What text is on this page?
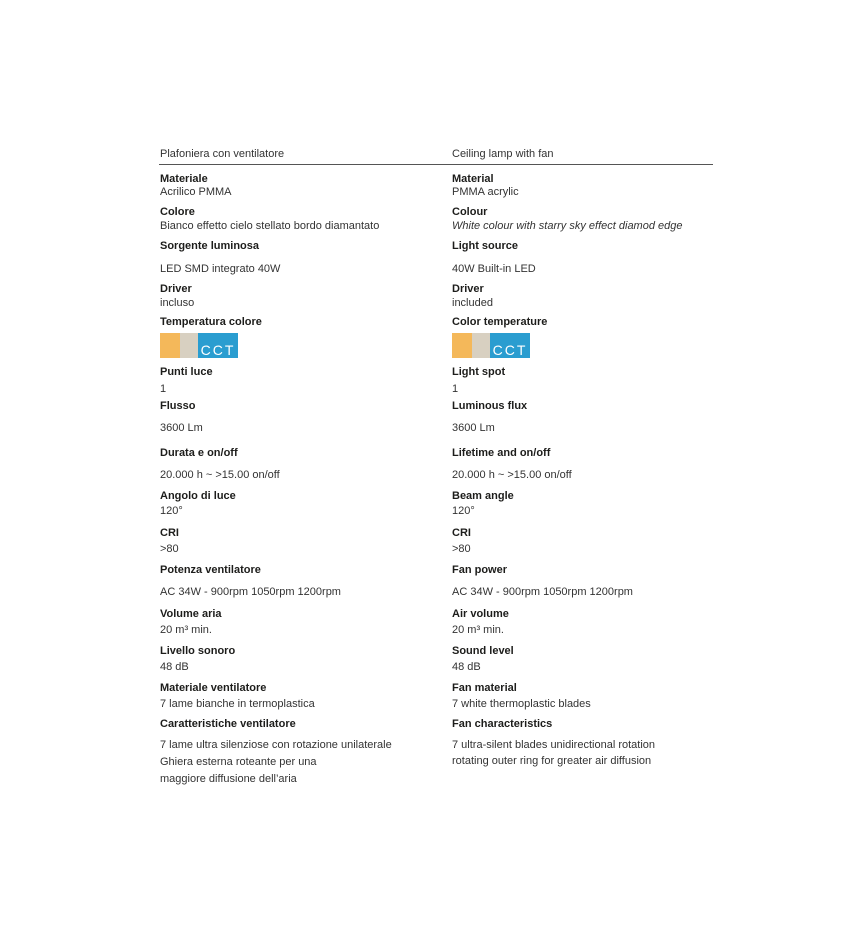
Plafoniera con ventilatore	Ceiling lamp with fan
Materiale
Acrilico PMMA
Colore
Bianco effetto cielo stellato bordo diamantato
Sorgente luminosa
LED SMD integrato 40W
Driver
incluso
Temperatura colore
CCT
Punti luce
1
Flusso
3600 Lm
Durata e on/off
20.000 h ~ >15.00 on/off
Angolo di luce
120°
CRI
>80
Potenza ventilatore
AC 34W - 900rpm 1050rpm 1200rpm
Volume aria
20 m³ min.
Livello sonoro
48 dB
Materiale ventilatore
7 lame bianche in termoplastica
Caratteristiche ventilatore
7 lame ultra silenziose con rotazione unilaterale
Ghiera esterna roteante per una
maggiore diffusione dell’aria
Material
PMMA acrylic
Colour
White colour with starry sky effect diamod edge
Light source
40W Built-in LED
Driver
included
Color temperature
CCT
Light spot
1
Luminous flux
3600 Lm
Lifetime and on/off
20.000 h ~ >15.00 on/off
Beam angle
120°
CRI
>80
Fan power
AC 34W - 900rpm 1050rpm 1200rpm
Air volume
20 m³ min.
Sound level
48 dB
Fan material
7 white thermoplastic blades
Fan characteristics
7 ultra-silent blades unidirectional rotation
rotating outer ring for greater air diffusion
